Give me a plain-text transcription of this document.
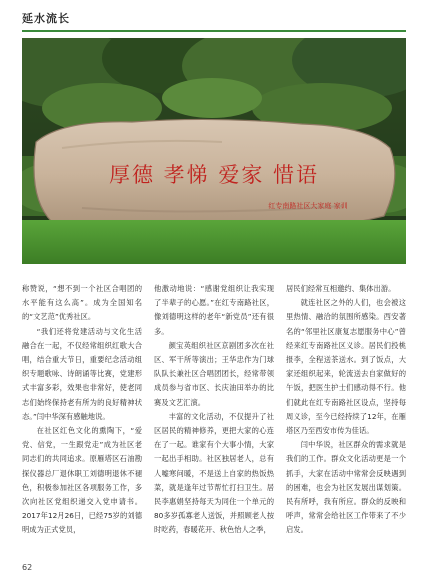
延水流长
厚德 孝悌 爱家 惜语
红专南路社区大家庭 家训

称赞说，“想不到一个社区合唱团的水平能有这么高”。成为全国知名的“文艺范”优秀社区。

“我们还将党建活动与文化生活融合在一起，不仅经常组织红歌大合唱，结合重大节日，重要纪念活动组织专题歌咏、诗朗诵等比赛，党建形式丰富多彩，效果也非常好，使老同志们始终保持老有所为的良好精神状态。”闫中华深有感触地说。

在社区红色文化的熏陶下，“爱党、信党，一生跟党走”成为社区老同志们的共同追求。原雁塔区石油勘探仪器总厂退休职工刘德明退休不褪色，积极参加社区各项服务工作，多次向社区党组织递交入党申请书。2017年12月26日，已经75岁的刘德明成为正式党员，

他激动地说：“感谢党组织让我实现了半辈子的心愿。”在红专南路社区，像刘德明这样的老年“新党员”还有很多。

颜宝英组织社区京剧团多次在社区、军干所等演出；王华忠作为门球队队长兼社区合唱团团长，经常带领成员参与省市区、长庆油田举办的比赛及文艺汇演。

丰富的文化活动，不仅提升了社区居民的精神修养，更把大家的心连在了一起。谁家有个大事小情，大家一起出手相助。社区独居老人，总有人嘘寒问暖，不是送上自家的热饭热菜，就是逢年过节帮忙打扫卫生。居民李惠娟坚持每天为同住一个单元的80多岁孤寡老人送饭，并照顾老人按时吃药，春暖花开、秋色怡人之季，

居民们经常互相邀约、集体出游。

就连社区之外的人们，也会被这里热情、融洽的氛围所感染。西安著名的“邻里社区康复志愿服务中心”曾经来红专南路社区义诊。居民们投桃报李，全程送茶送水。到了饭点，大家还组织起来，轮流送去自家做好的午饭，把医生护士们感动得不行。他们就此在红专南路社区设点，坚持每周义诊，至今已经持续了12年，在雁塔区乃至西安市传为佳话。

闫中华说，社区群众的需求就是我们的工作。群众文化活动更是一个抓手，大家在活动中常常会反映遇到的困难，也会为社区发展出谋划策。民有所呼，我有所应。群众的反映和呼声，常常会给社区工作带来了不少启发。

62
